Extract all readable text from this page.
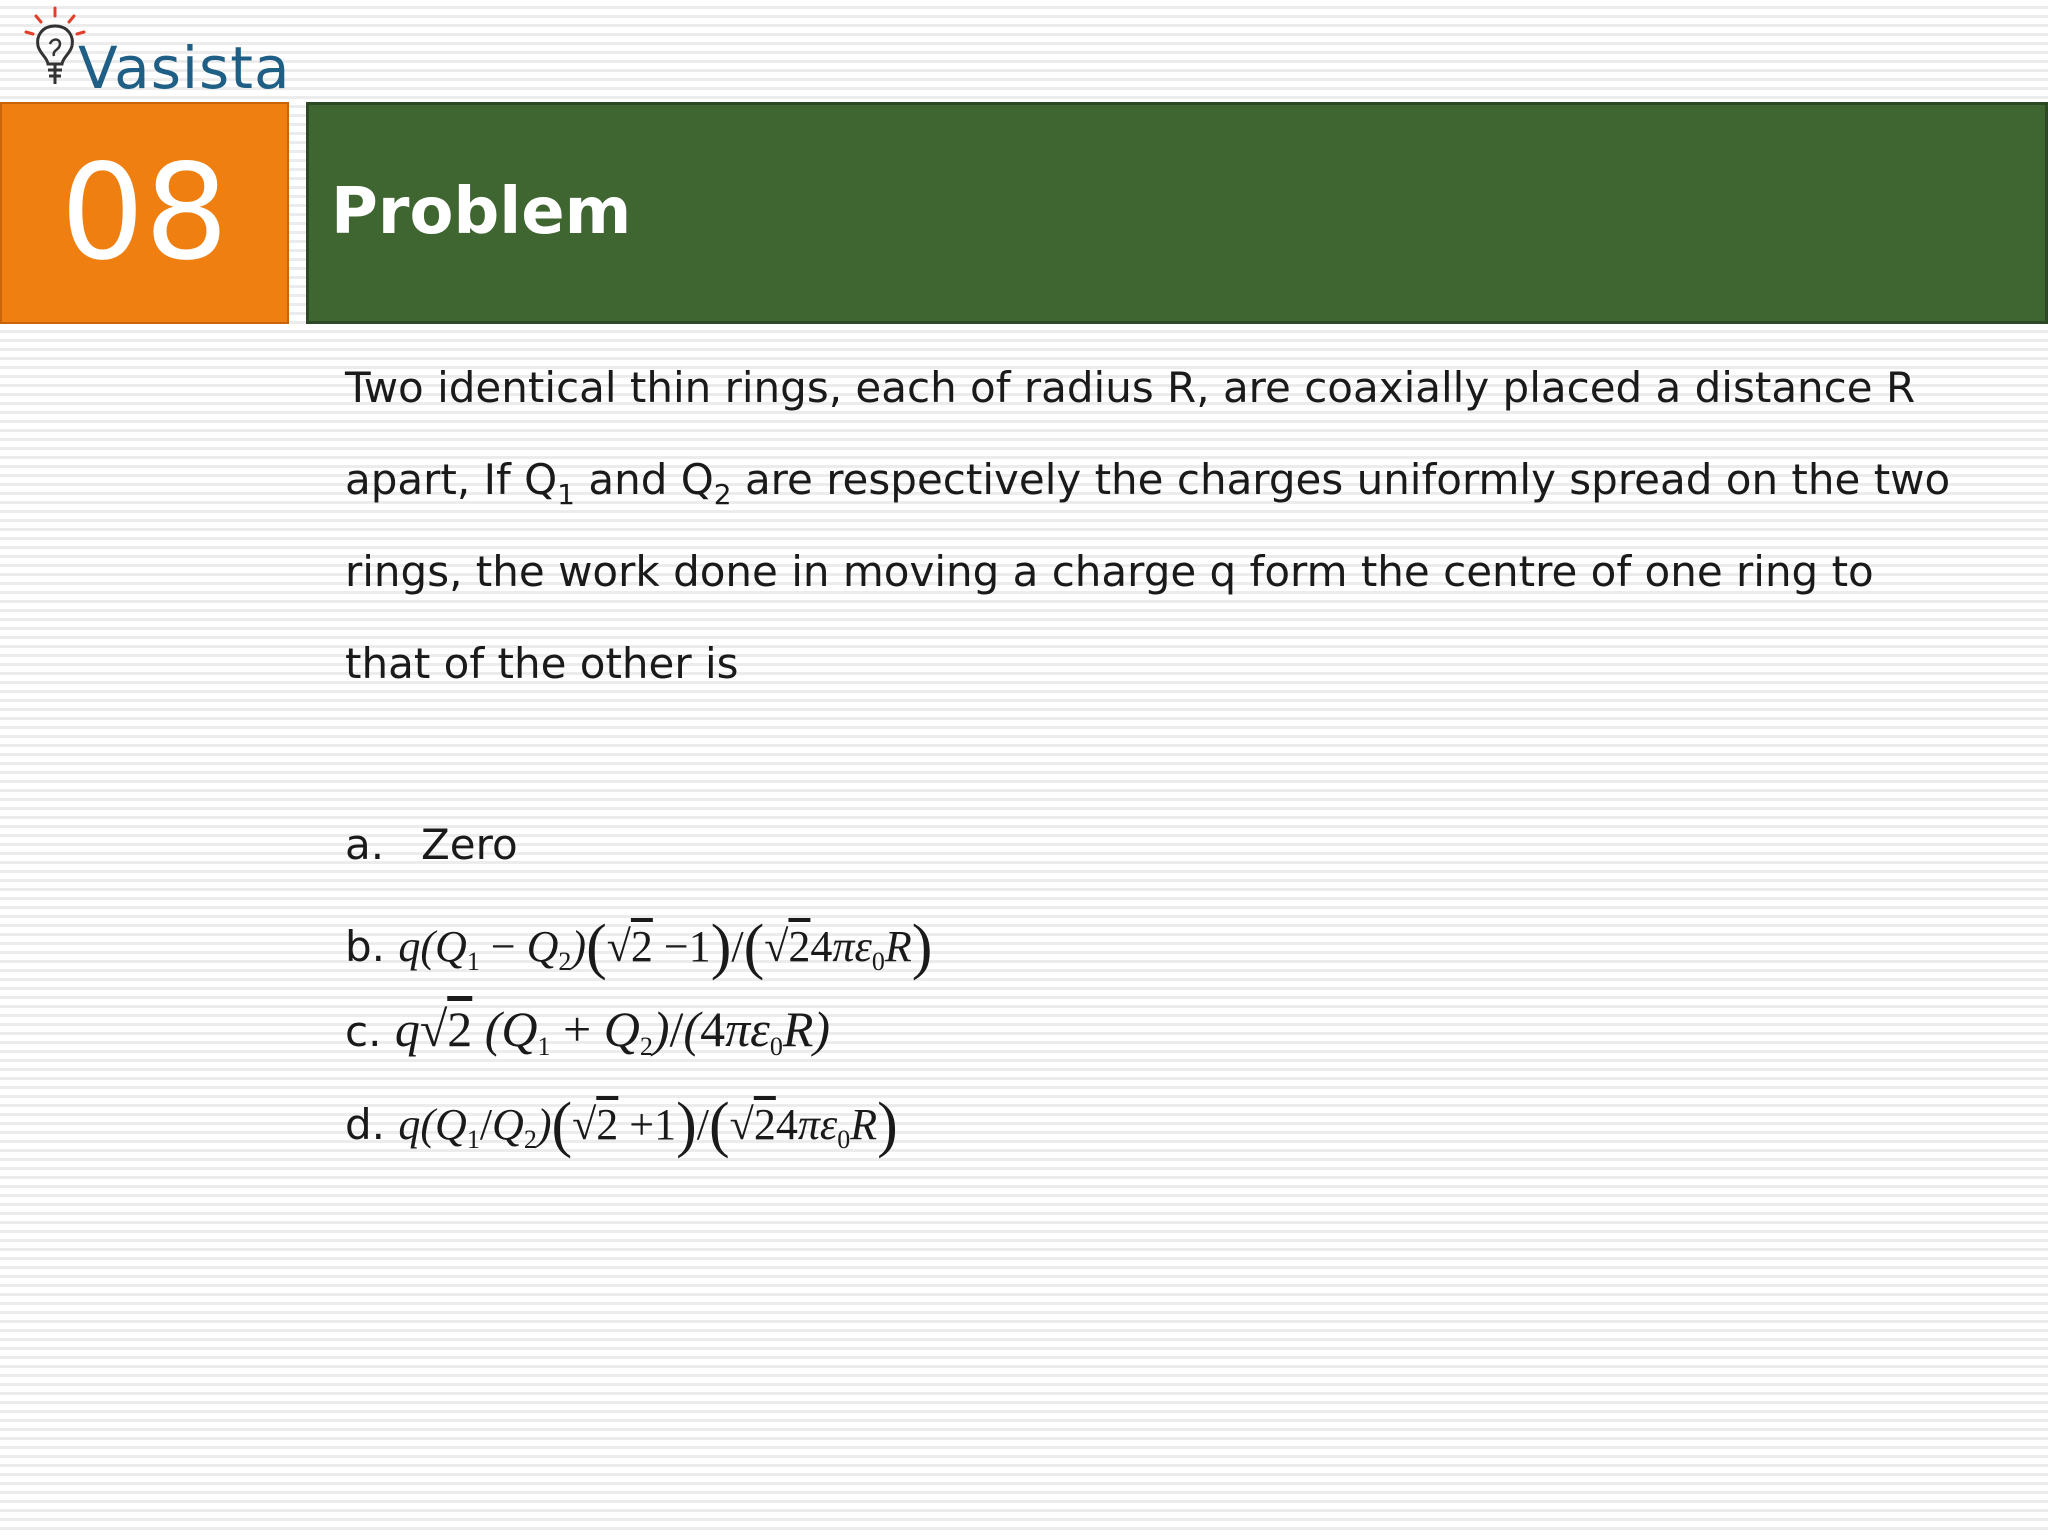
Vasista
08 Problem
Two identical thin rings, each of radius R, are coaxially placed a distance R
apart, If $Q_1$ and $Q_2$ are respectively the charges uniformly spread on the two
rings, the work done in moving a charge q form the centre of one ring to
that of the other is
a. Zero
b. $q(Q_1 - Q_2)(√2 -1)/(√24\pi\varepsilon_0R)$
c. q√2 $(Q_1 + Q_2)/(4\pi\varepsilon_0R)$
d. $q(Q_1/Q_2)(√2 +1)/(√24\pi\varepsilon_0R)$
